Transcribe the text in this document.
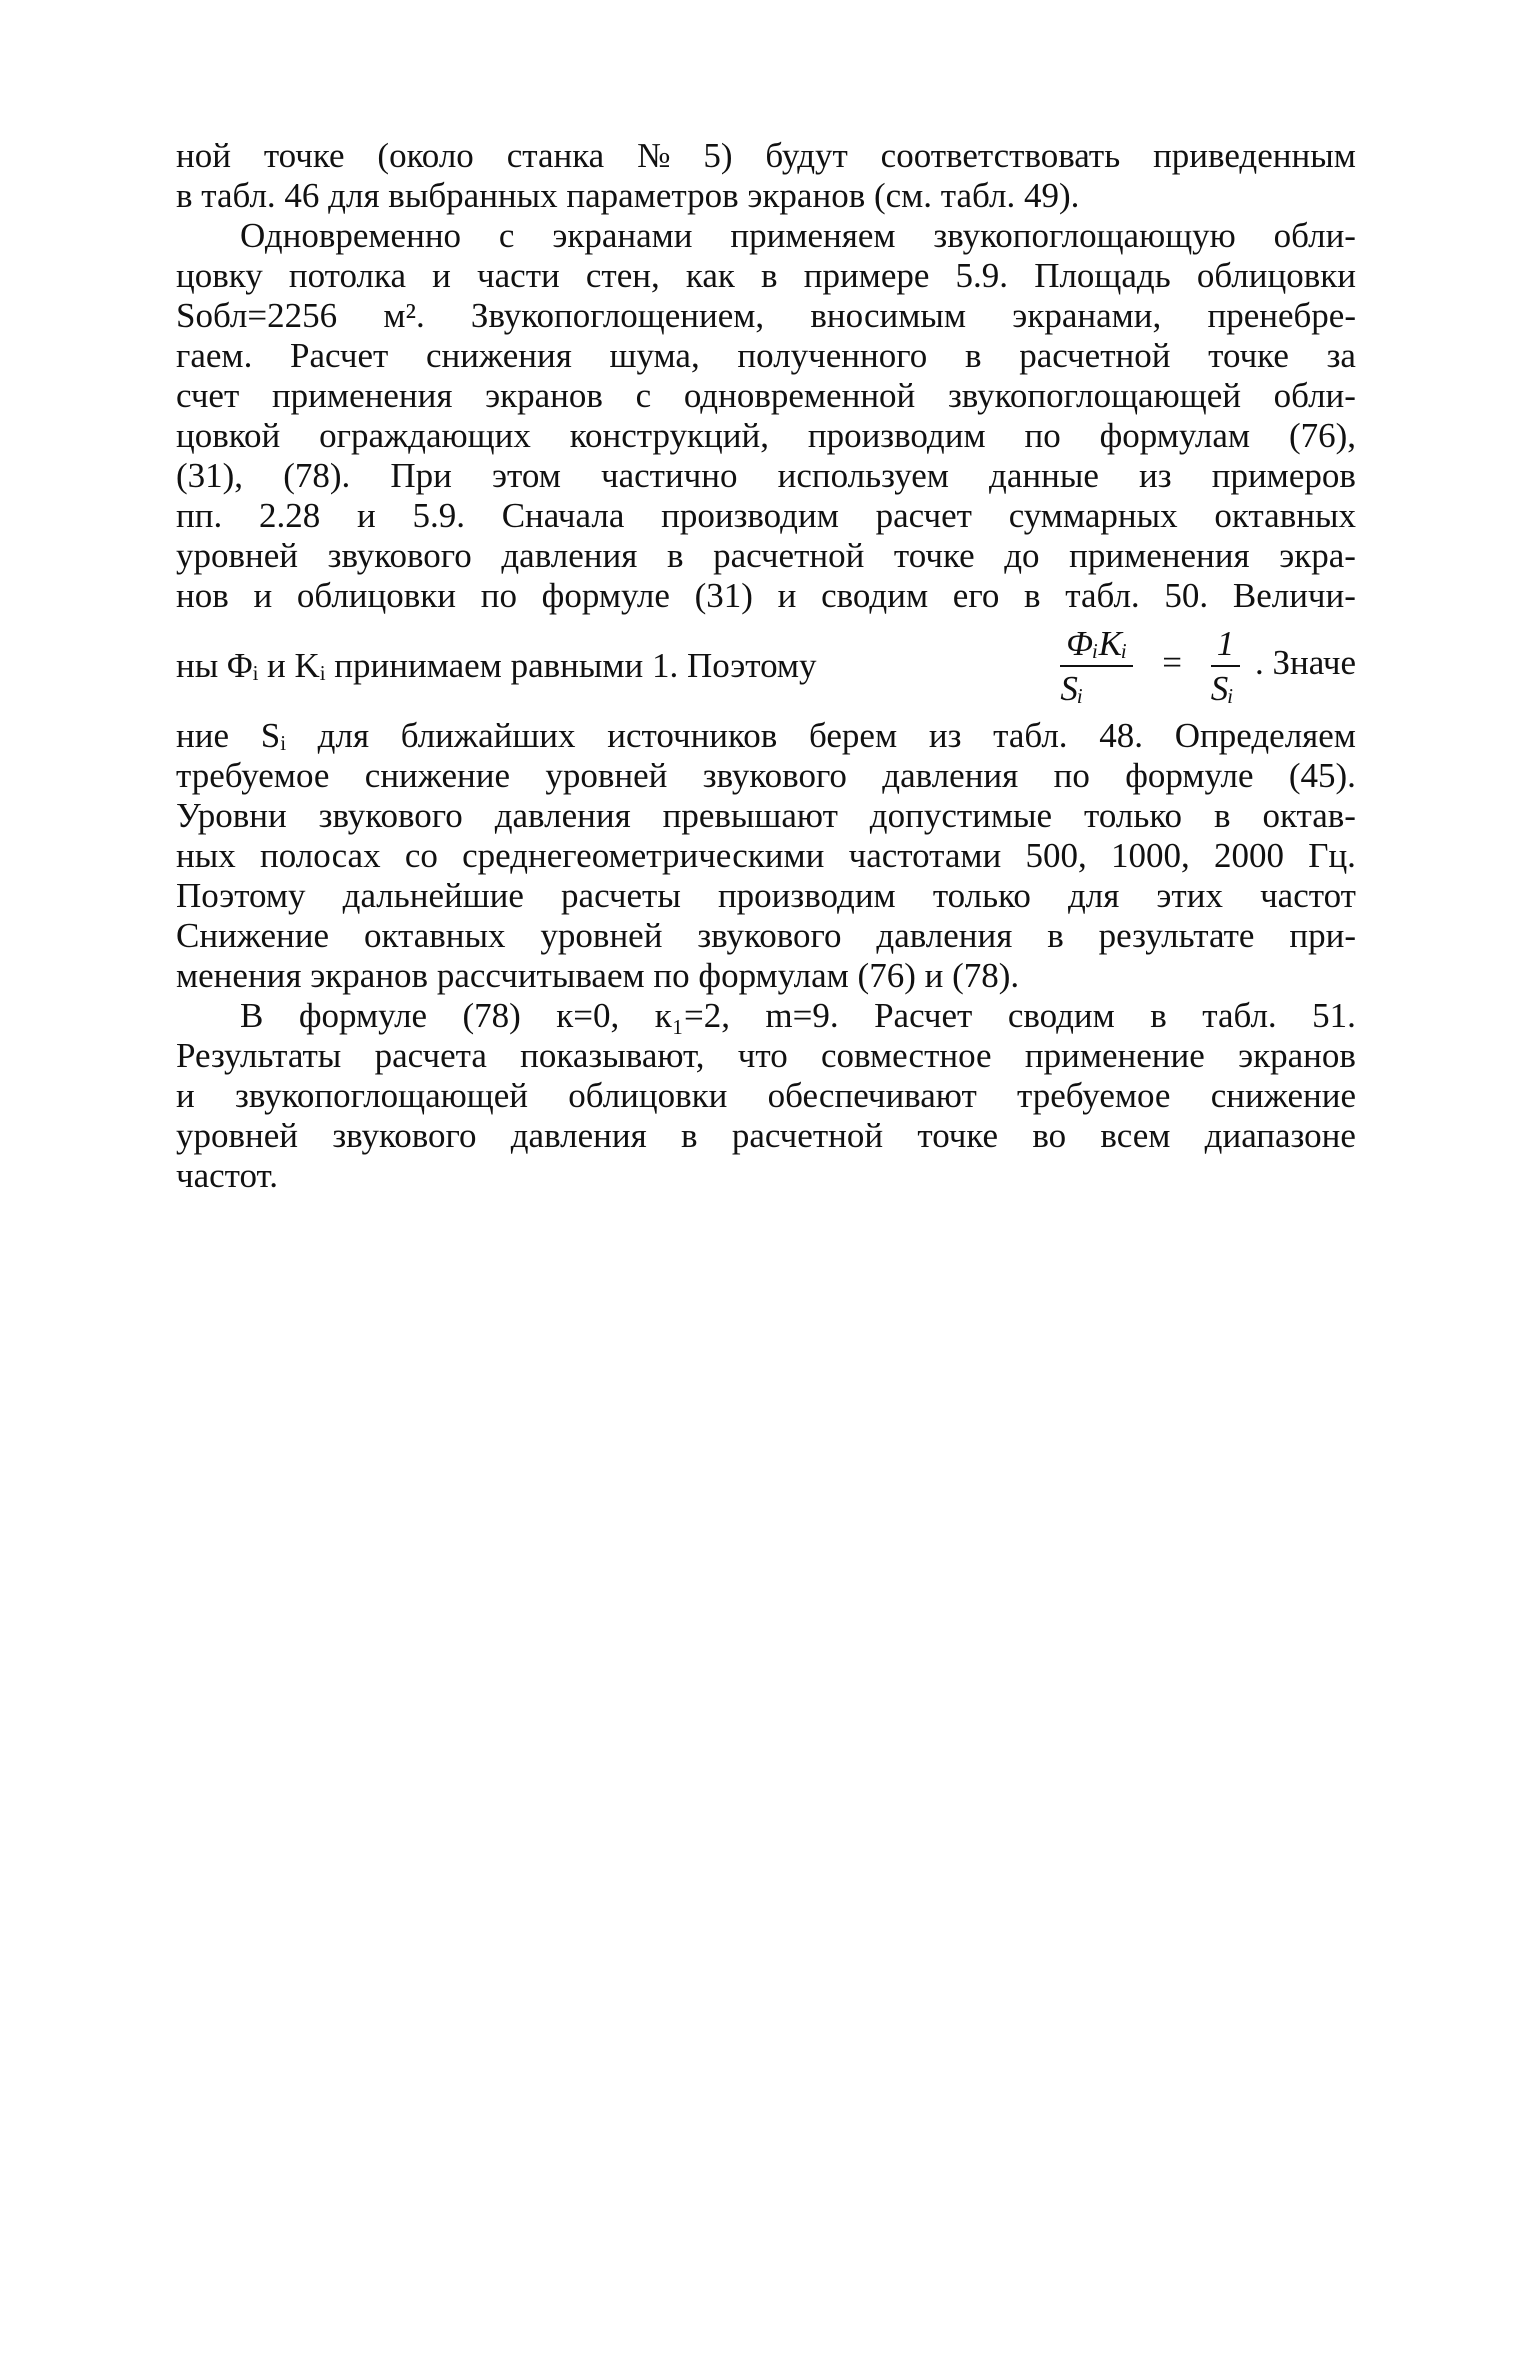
ной точке (около станка № 5) будут соответствовать приведенным
в табл. 46 для выбранных параметров экранов (см. табл. 49).
Одновременно с экранами применяем звукопоглощающую обли-
цовку потолка и части стен, как в примере 5.9. Площадь облицовки
Sобл=2256 м². Звукопоглощением, вносимым экранами, пренебре-
гаем. Расчет снижения шума, полученного в расчетной точке за
счет применения экранов с одновременной звукопоглощающей обли-
цовкой ограждающих конструкций, производим по формулам (76),
(31), (78). При этом частично используем данные из примеров
пп. 2.28 и 5.9. Сначала производим расчет суммарных октавных
уровней звукового давления в расчетной точке до применения экра-
нов и облицовки по формуле (31) и сводим его в табл. 50. Величи-
ны Φᵢ и Kᵢ принимаем равными 1. Поэтому	$\frac{\text{ΦᵢKᵢ}}{\text{Sᵢ}} = \frac{1}{\text{Sᵢ}}$ . Значе
ние Sᵢ для ближайших источников берем из табл. 48. Определяем
требуемое снижение уровней звукового давления по формуле (45).
Уровни звукового давления превышают допустимые только в октав-
ных полосах со среднегеометрическими частотами 500, 1000, 2000 Гц.
Поэтому дальнейшие расчеты производим только для этих частот
Снижение октавных уровней звукового давления в результате при-
менения экранов рассчитываем по формулам (76) и (78).
В формуле (78) к=0, к₁=2, m=9. Расчет сводим в табл. 51.
Результаты расчета показывают, что совместное применение экранов
и звукопоглощающей облицовки обеспечивают требуемое снижение
уровней звукового давления в расчетной точке во всем диапазоне
частот.
